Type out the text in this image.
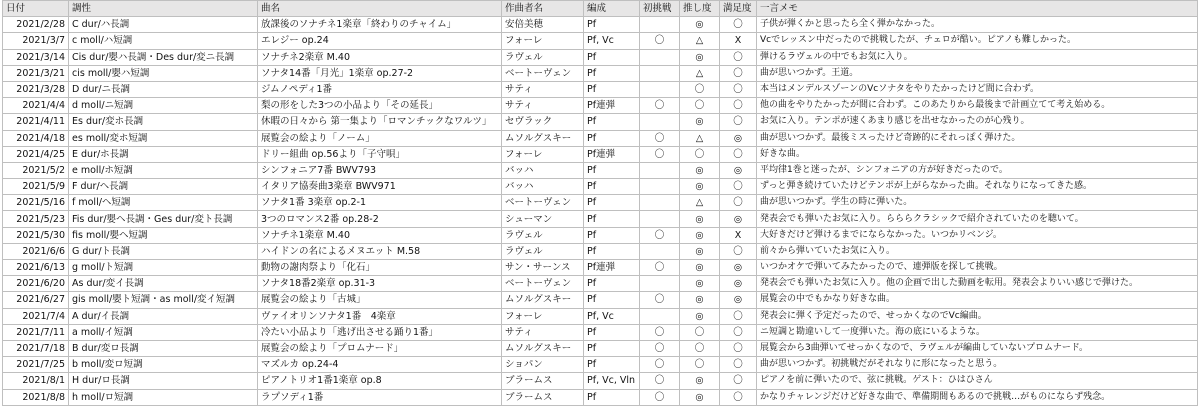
日付	調性	曲名	作曲者名	編成	初挑戦	推し度	満足度	一言メモ
2021/2/28	C dur/ハ長調	放課後のソナチネ1楽章「終わりのチャイム」	安倍美穂	Pf		◎	〇	子供が弾くかと思ったら全く弾かなかった。
2021/3/7	c moll/ハ短調	エレジー op.24	フォーレ	Pf, Vc	〇	△	X	Vcでレッスン中だったので挑戦したが、チェロが酷い。ピアノも難しかった。
2021/3/14	Cis dur/嬰ハ長調・Des dur/変ニ長調	ソナチネ2楽章 M.40	ラヴェル	Pf		◎	〇	弾けるラヴェルの中でもお気に入り。
2021/3/21	cis moll/嬰ハ短調	ソナタ14番「月光」1楽章 op.27-2	ベートーヴェン	Pf		△	〇	曲が思いつかず。王道。
2021/3/28	D dur/ニ長調	ジムノペディ1番	サティ	Pf		〇	〇	本当はメンデルスゾーンのVcソナタをやりたかったけど間に合わず。
2021/4/4	d moll/ニ短調	梨の形をした3つの小品より「その延長」	サティ	Pf連弾	〇	〇	〇	他の曲をやりたかったが間に合わず。このあたりから最後まで計画立てて考え始める。
2021/4/11	Es dur/変ホ長調	休暇の日々から 第一集より「ロマンチックなワルツ」	セヴラック	Pf		◎	〇	お気に入り。テンポが速くあまり感じを出せなかったのが心残り。
2021/4/18	es moll/変ホ短調	展覧会の絵より「ノーム」	ムソルグスキー	Pf	〇	△	◎	曲が思いつかず。最後ミスったけど奇跡的にそれっぽく弾けた。
2021/4/25	E dur/ホ長調	ドリー組曲 op.56より「子守唄」	フォーレ	Pf連弾	〇	〇	〇	好きな曲。
2021/5/2	e moll/ホ短調	シンフォニア7番 BWV793	バッハ	Pf		◎	◎	平均律1巻と迷ったが、シンフォニアの方が好きだったので。
2021/5/9	F dur/ヘ長調	イタリア協奏曲3楽章 BWV971	バッハ	Pf		◎	〇	ずっと弾き続けていたけどテンポが上がらなかった曲。それなりになってきた感。
2021/5/16	f moll/ヘ短調	ソナタ1番 3楽章 op.2-1	ベートーヴェン	Pf		△	〇	曲が思いつかず。学生の時に弾いた。
2021/5/23	Fis dur/嬰ヘ長調・Ges dur/変ト長調	3つのロマンス2番 op.28-2	シューマン	Pf		◎	◎	発表会でも弾いたお気に入り。らららクラシックで紹介されていたのを聴いて。
2021/5/30	fis moll/嬰ヘ短調	ソナチネ1楽章 M.40	ラヴェル	Pf	〇	◎	X	大好きだけど弾けるまでにならなかった。いつかリベンジ。
2021/6/6	G dur/ト長調	ハイドンの名によるメヌエット M.58	ラヴェル	Pf		◎	〇	前々から弾いていたお気に入り。
2021/6/13	g moll/ト短調	動物の謝肉祭より「化石」	サン・サーンス	Pf連弾	〇	◎	◎	いつかオケで弾いてみたかったので、連弾版を探して挑戦。
2021/6/20	As dur/変イ長調	ソナタ18番2楽章 op.31-3	ベートーヴェン	Pf		◎	◎	発表会でも弾いたお気に入り。他の企画で出した動画を転用。発表会よりいい感じで弾けた。
2021/6/27	gis moll/嬰ト短調・as moll/変イ短調	展覧会の絵より「古城」	ムソルグスキー	Pf	〇	◎	◎	展覧会の中でもかなり好きな曲。
2021/7/4	A dur/イ長調	ヴァイオリンソナタ1番　4楽章	フォーレ	Pf, Vc		◎	〇	発表会に弾く予定だったので、せっかくなのでVc編曲。
2021/7/11	a moll/イ短調	冷たい小品より「逃げ出させる踊り1番」	サティ	Pf	〇	〇	〇	ニ短調と勘違いして一度弾いた。海の底にいるような。
2021/7/18	B dur/変ロ長調	展覧会の絵より「プロムナード」	ムソルグスキー	Pf	〇	〇	〇	展覧会から3曲弾いてせっかくなので、ラヴェルが編曲していないプロムナード。
2021/7/25	b moll/変ロ短調	マズルカ op.24-4	ショパン	Pf	〇	〇	〇	曲が思いつかず。初挑戦だがそれなりに形になったと思う。
2021/8/1	H dur/ロ長調	ピアノトリオ1番1楽章 op.8	ブラームス	Pf, Vc, Vln	〇	◎	〇	ピアノを前に弾いたので、弦に挑戦。ゲスト：ひはひさん
2021/8/8	h moll/ロ短調	ラプソディ1番	ブラームス	Pf	〇	◎	〇	かなりチャレンジだけど好きな曲で、準備期間もあるので挑戦…がものにならず残念。
